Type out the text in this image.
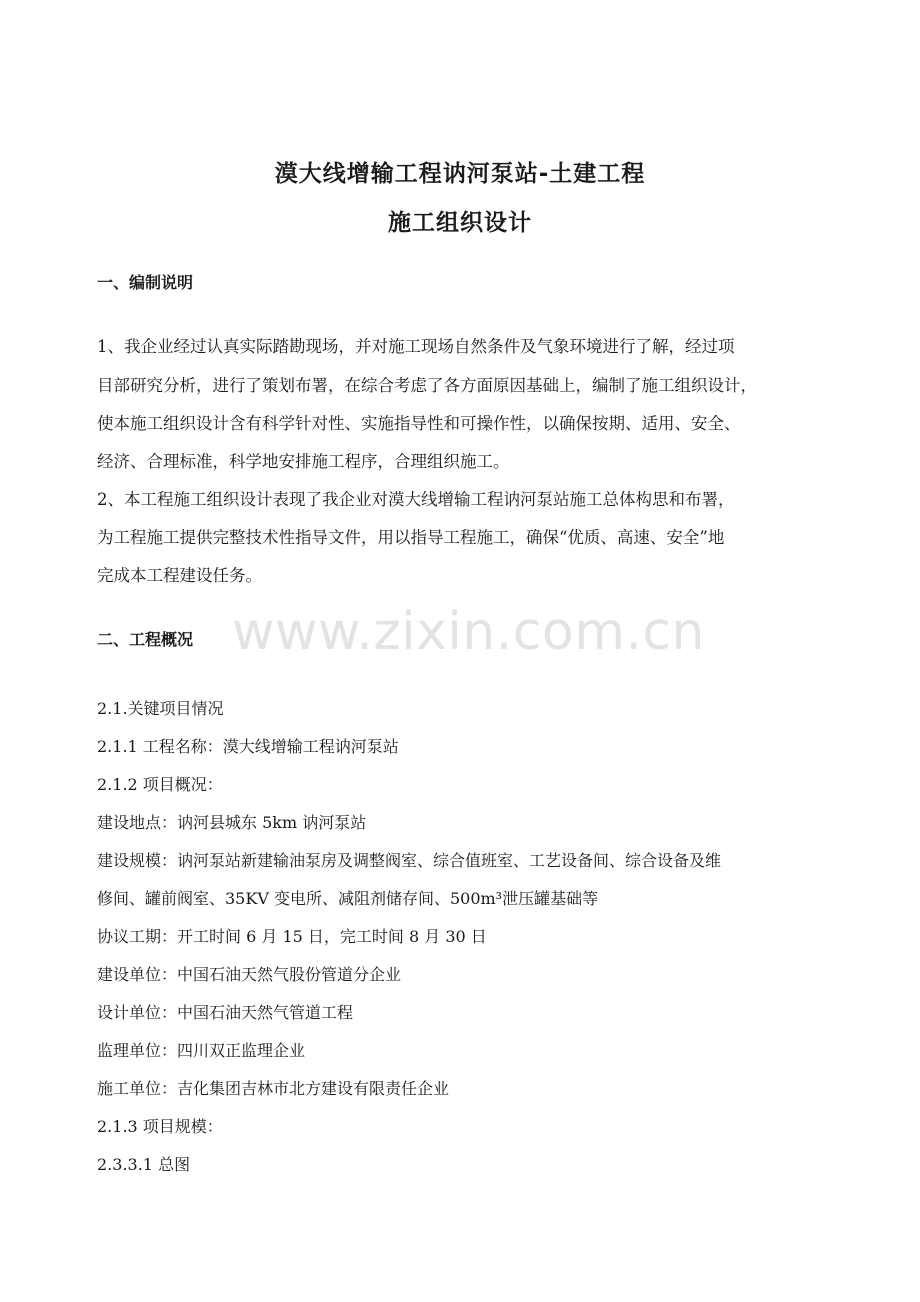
www.zixin.com.cn
漠大线增输工程讷河泵站-土建工程
施工组织设计
一、编制说明
1、我企业经过认真实际踏勘现场，并对施工现场自然条件及气象环境进行了解，经过项
目部研究分析，进行了策划布署，在综合考虑了各方面原因基础上，编制了施工组织设计，
使本施工组织设计含有科学针对性、实施指导性和可操作性，以确保按期、适用、安全、
经济、合理标准，科学地安排施工程序，合理组织施工。
2、本工程施工组织设计表现了我企业对漠大线增输工程讷河泵站施工总体构思和布署，
为工程施工提供完整技术性指导文件，用以指导工程施工，确保“优质、高速、安全”地
完成本工程建设任务。
二、工程概况
2.1.关键项目情况
2.1.1 工程名称：漠大线增输工程讷河泵站
2.1.2 项目概况：
建设地点：讷河县城东 5km 讷河泵站
建设规模：讷河泵站新建输油泵房及调整阀室、综合值班室、工艺设备间、综合设备及维
修间、罐前阀室、35KV 变电所、减阻剂储存间、500m³泄压罐基础等
协议工期：开工时间 6 月 15 日，完工时间 8 月 30 日
建设单位：中国石油天然气股份管道分企业
设计单位：中国石油天然气管道工程
监理单位：四川双正监理企业
施工单位：吉化集团吉林市北方建设有限责任企业
2.1.3 项目规模：
2.3.3.1 总图
